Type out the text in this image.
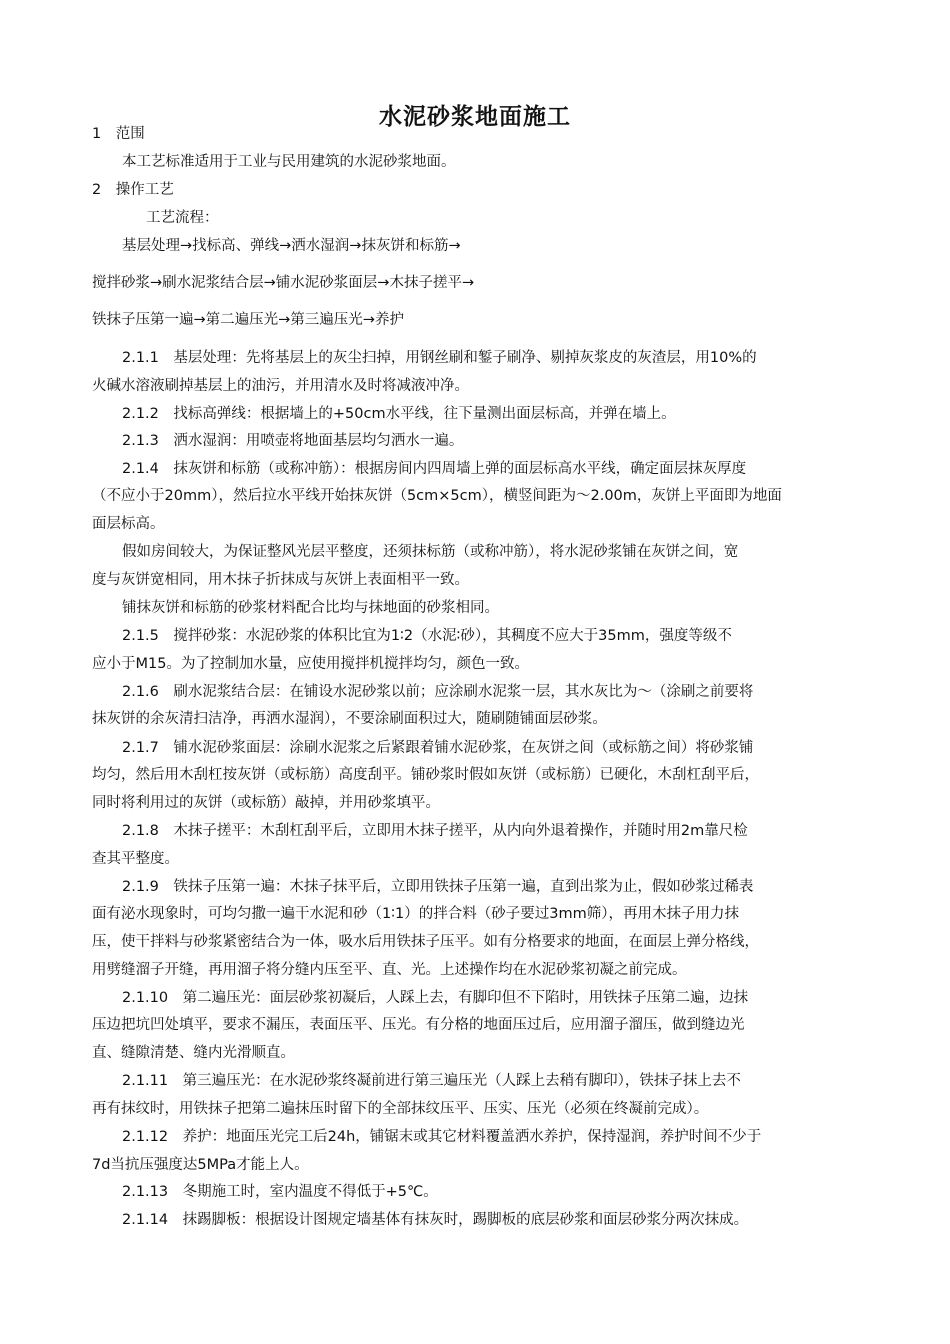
水泥砂浆地面施工
1　范围
本工艺标准适用于工业与民用建筑的水泥砂浆地面。
2　操作工艺
工艺流程：
基层处理→找标高、弹线→洒水湿润→抹灰饼和标筋→
搅拌砂浆→刷水泥浆结合层→铺水泥砂浆面层→木抹子搓平→
铁抹子压第一遍→第二遍压光→第三遍压光→养护
2.1.1　基层处理：先将基层上的灰尘扫掉，用钢丝刷和錾子刷净、剔掉灰浆皮的灰渣层，用10%的
火碱水溶液刷掉基层上的油污，并用清水及时将减液冲净。
2.1.2　找标高弹线：根据墙上的+50cm水平线，往下量测出面层标高，并弹在墙上。
2.1.3　洒水湿润：用喷壶将地面基层均匀洒水一遍。
2.1.4　抹灰饼和标筋（或称冲筋）：根据房间内四周墙上弹的面层标高水平线，确定面层抹灰厚度
（不应小于20mm），然后拉水平线开始抹灰饼（5cm×5cm），横竖间距为～2.00m，灰饼上平面即为地面
面层标高。
假如房间较大，为保证整风光层平整度，还须抹标筋（或称冲筋），将水泥砂浆铺在灰饼之间，宽
度与灰饼宽相同，用木抹子折抹成与灰饼上表面相平一致。
铺抹灰饼和标筋的砂浆材料配合比均与抹地面的砂浆相同。
2.1.5　搅拌砂浆：水泥砂浆的体积比宜为1∶2（水泥∶砂），其稠度不应大于35mm，强度等级不
应小于M15。为了控制加水量，应使用搅拌机搅拌均匀，颜色一致。
2.1.6　刷水泥浆结合层：在铺设水泥砂浆以前；应涂刷水泥浆一层，其水灰比为～（涂刷之前要将
抹灰饼的余灰清扫洁净，再洒水湿润），不要涂刷面积过大，随刷随铺面层砂浆。
2.1.7　铺水泥砂浆面层：涂刷水泥浆之后紧跟着铺水泥砂浆，在灰饼之间（或标筋之间）将砂浆铺
均匀，然后用木刮杠按灰饼（或标筋）高度刮平。铺砂浆时假如灰饼（或标筋）已硬化，木刮杠刮平后，
同时将利用过的灰饼（或标筋）敲掉，并用砂浆填平。
2.1.8　木抹子搓平：木刮杠刮平后，立即用木抹子搓平，从内向外退着操作，并随时用2m靠尺检
查其平整度。
2.1.9　铁抹子压第一遍：木抹子抹平后，立即用铁抹子压第一遍，直到出浆为止，假如砂浆过稀表
面有泌水现象时，可均匀撒一遍干水泥和砂（1∶1）的拌合料（砂子要过3mm筛），再用木抹子用力抹
压，使干拌料与砂浆紧密结合为一体，吸水后用铁抹子压平。如有分格要求的地面，在面层上弹分格线，
用劈缝溜子开缝，再用溜子将分缝内压至平、直、光。上述操作均在水泥砂浆初凝之前完成。
2.1.10　第二遍压光：面层砂浆初凝后，人踩上去，有脚印但不下陷时，用铁抹子压第二遍，边抹
压边把坑凹处填平，要求不漏压，表面压平、压光。有分格的地面压过后，应用溜子溜压，做到缝边光
直、缝隙清楚、缝内光滑顺直。
2.1.11　第三遍压光：在水泥砂浆终凝前进行第三遍压光（人踩上去稍有脚印），铁抹子抹上去不
再有抹纹时，用铁抹子把第二遍抹压时留下的全部抹纹压平、压实、压光（必须在终凝前完成）。
2.1.12　养护：地面压光完工后24h，铺锯末或其它材料覆盖洒水养护，保持湿润，养护时间不少于
7d当抗压强度达5MPa才能上人。
2.1.13　冬期施工时，室内温度不得低于+5℃。
2.1.14　抹踢脚板：根据设计图规定墙基体有抹灰时，踢脚板的底层砂浆和面层砂浆分两次抹成。
